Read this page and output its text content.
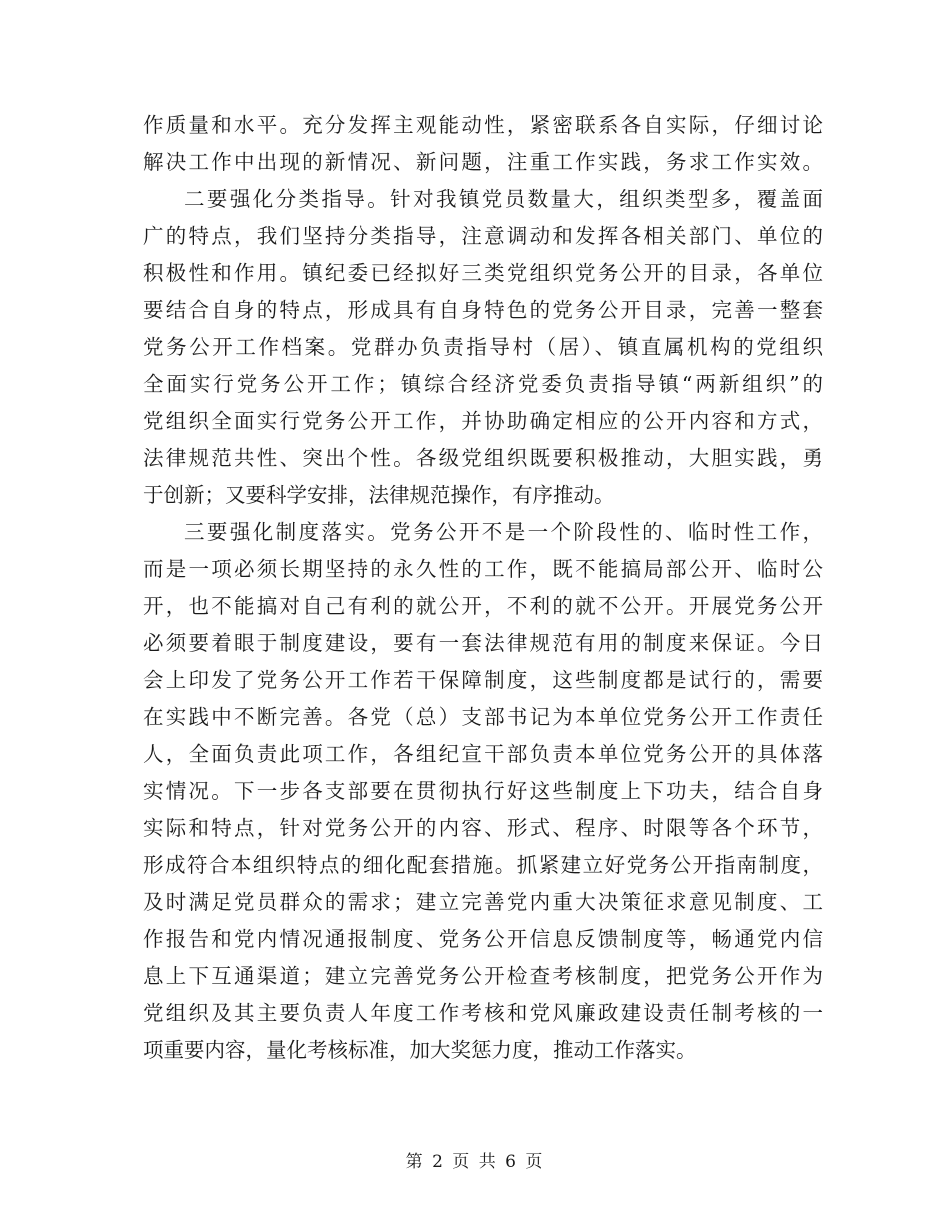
作质量和水平。充分发挥主观能动性，紧密联系各自实际，仔细讨论
解决工作中出现的新情况、新问题，注重工作实践，务求工作实效。
二要强化分类指导。针对我镇党员数量大，组织类型多，覆盖面
广的特点，我们坚持分类指导，注意调动和发挥各相关部门、单位的
积极性和作用。镇纪委已经拟好三类党组织党务公开的目录，各单位
要结合自身的特点，形成具有自身特色的党务公开目录，完善一整套
党务公开工作档案。党群办负责指导村（居）、镇直属机构的党组织
全面实行党务公开工作；镇综合经济党委负责指导镇“两新组织”的
党组织全面实行党务公开工作，并协助确定相应的公开内容和方式，
法律规范共性、突出个性。各级党组织既要积极推动，大胆实践，勇
于创新；又要科学安排，法律规范操作，有序推动。
三要强化制度落实。党务公开不是一个阶段性的、临时性工作，
而是一项必须长期坚持的永久性的工作，既不能搞局部公开、临时公
开，也不能搞对自己有利的就公开，不利的就不公开。开展党务公开
必须要着眼于制度建设，要有一套法律规范有用的制度来保证。今日
会上印发了党务公开工作若干保障制度，这些制度都是试行的，需要
在实践中不断完善。各党（总）支部书记为本单位党务公开工作责任
人，全面负责此项工作，各组纪宣干部负责本单位党务公开的具体落
实情况。下一步各支部要在贯彻执行好这些制度上下功夫，结合自身
实际和特点，针对党务公开的内容、形式、程序、时限等各个环节，
形成符合本组织特点的细化配套措施。抓紧建立好党务公开指南制度，
及时满足党员群众的需求；建立完善党内重大决策征求意见制度、工
作报告和党内情况通报制度、党务公开信息反馈制度等，畅通党内信
息上下互通渠道；建立完善党务公开检查考核制度，把党务公开作为
党组织及其主要负责人年度工作考核和党风廉政建设责任制考核的一
项重要内容，量化考核标准，加大奖惩力度，推动工作落实。
第 2 页 共 6 页
